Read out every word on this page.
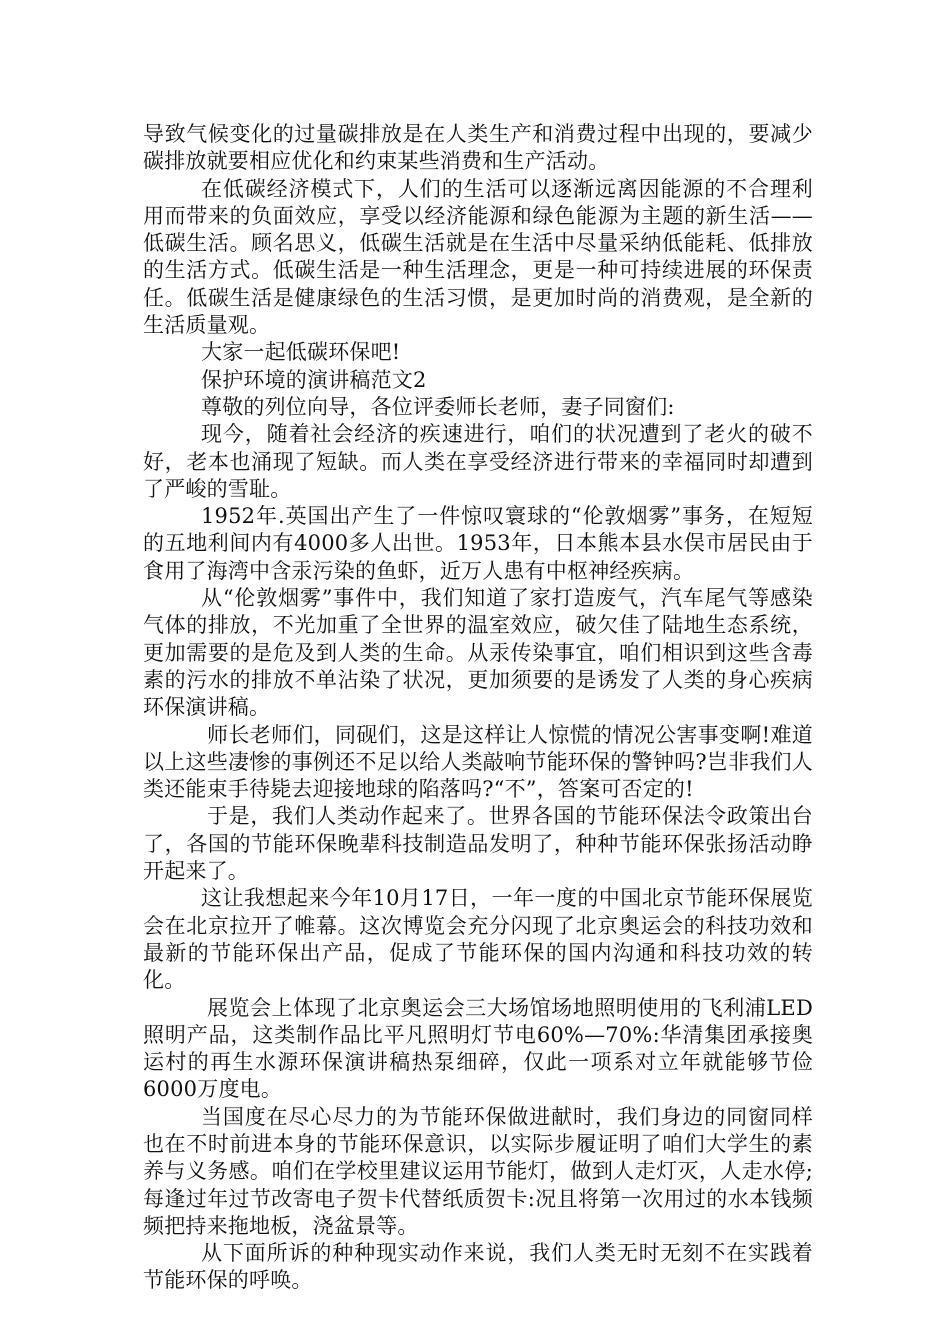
导致气候变化的过量碳排放是在人类生产和消费过程中出现的，要减少碳排放就要相应优化和约束某些消费和生产活动。

在低碳经济模式下，人们的生活可以逐渐远离因能源的不合理利用而带来的负面效应，享受以经济能源和绿色能源为主题的新生活——低碳生活。顾名思义，低碳生活就是在生活中尽量采纳低能耗、低排放的生活方式。低碳生活是一种生活理念，更是一种可持续进展的环保责任。低碳生活是健康绿色的生活习惯，是更加时尚的消费观，是全新的生活质量观。

大家一起低碳环保吧!

保护环境的演讲稿范文2

尊敬的列位向导，各位评委师长老师，妻子同窗们:

现今，随着社会经济的疾速进行，咱们的状况遭到了老火的破不好，老本也涌现了短缺。而人类在享受经济进行带来的幸福同时却遭到了严峻的雪耻。

1952年.英国出产生了一件惊叹寰球的“伦敦烟雾”事务，在短短的五地利间内有4000多人出世。1953年，日本熊本县水俣市居民由于食用了海湾中含汞污染的鱼虾，近万人患有中枢神经疾病。

从“伦敦烟雾”事件中，我们知道了家打造废气，汽车尾气等感染气体的排放，不光加重了全世界的温室效应，破欠佳了陆地生态系统，更加需要的是危及到人类的生命。从汞传染事宜，咱们相识到这些含毒素的污水的排放不单沾染了状况，更加须要的是诱发了人类的身心疾病环保演讲稿。

师长老师们，同砚们，这是这样让人惊慌的情况公害事变啊!难道以上这些凄惨的事例还不足以给人类敲响节能环保的警钟吗?岂非我们人类还能束手待毙去迎接地球的陷落吗?“不”，答案可否定的!

于是，我们人类动作起来了。世界各国的节能环保法令政策出台了，各国的节能环保晚辈科技制造品发明了，种种节能环保张扬活动睁开起来了。

这让我想起来今年10月17日，一年一度的中国北京节能环保展览会在北京拉开了帷幕。这次博览会充分闪现了北京奥运会的科技功效和最新的节能环保出产品，促成了节能环保的国内沟通和科技功效的转化。

展览会上体现了北京奥运会三大场馆场地照明使用的飞利浦LED照明产品，这类制作品比平凡照明灯节电60%—70%:华清集团承接奥运村的再生水源环保演讲稿热泵细碎，仅此一项系对立年就能够节俭6000万度电。

当国度在尽心尽力的为节能环保做进献时，我们身边的同窗同样也在不时前进本身的节能环保意识，以实际步履证明了咱们大学生的素养与义务感。咱们在学校里建议运用节能灯，做到人走灯灭，人走水停;每逢过年过节改寄电子贺卡代替纸质贺卡:况且将第一次用过的水本钱频频把持来拖地板，浇盆景等。

从下面所诉的种种现实动作来说，我们人类无时无刻不在实践着节能环保的呼唤。
